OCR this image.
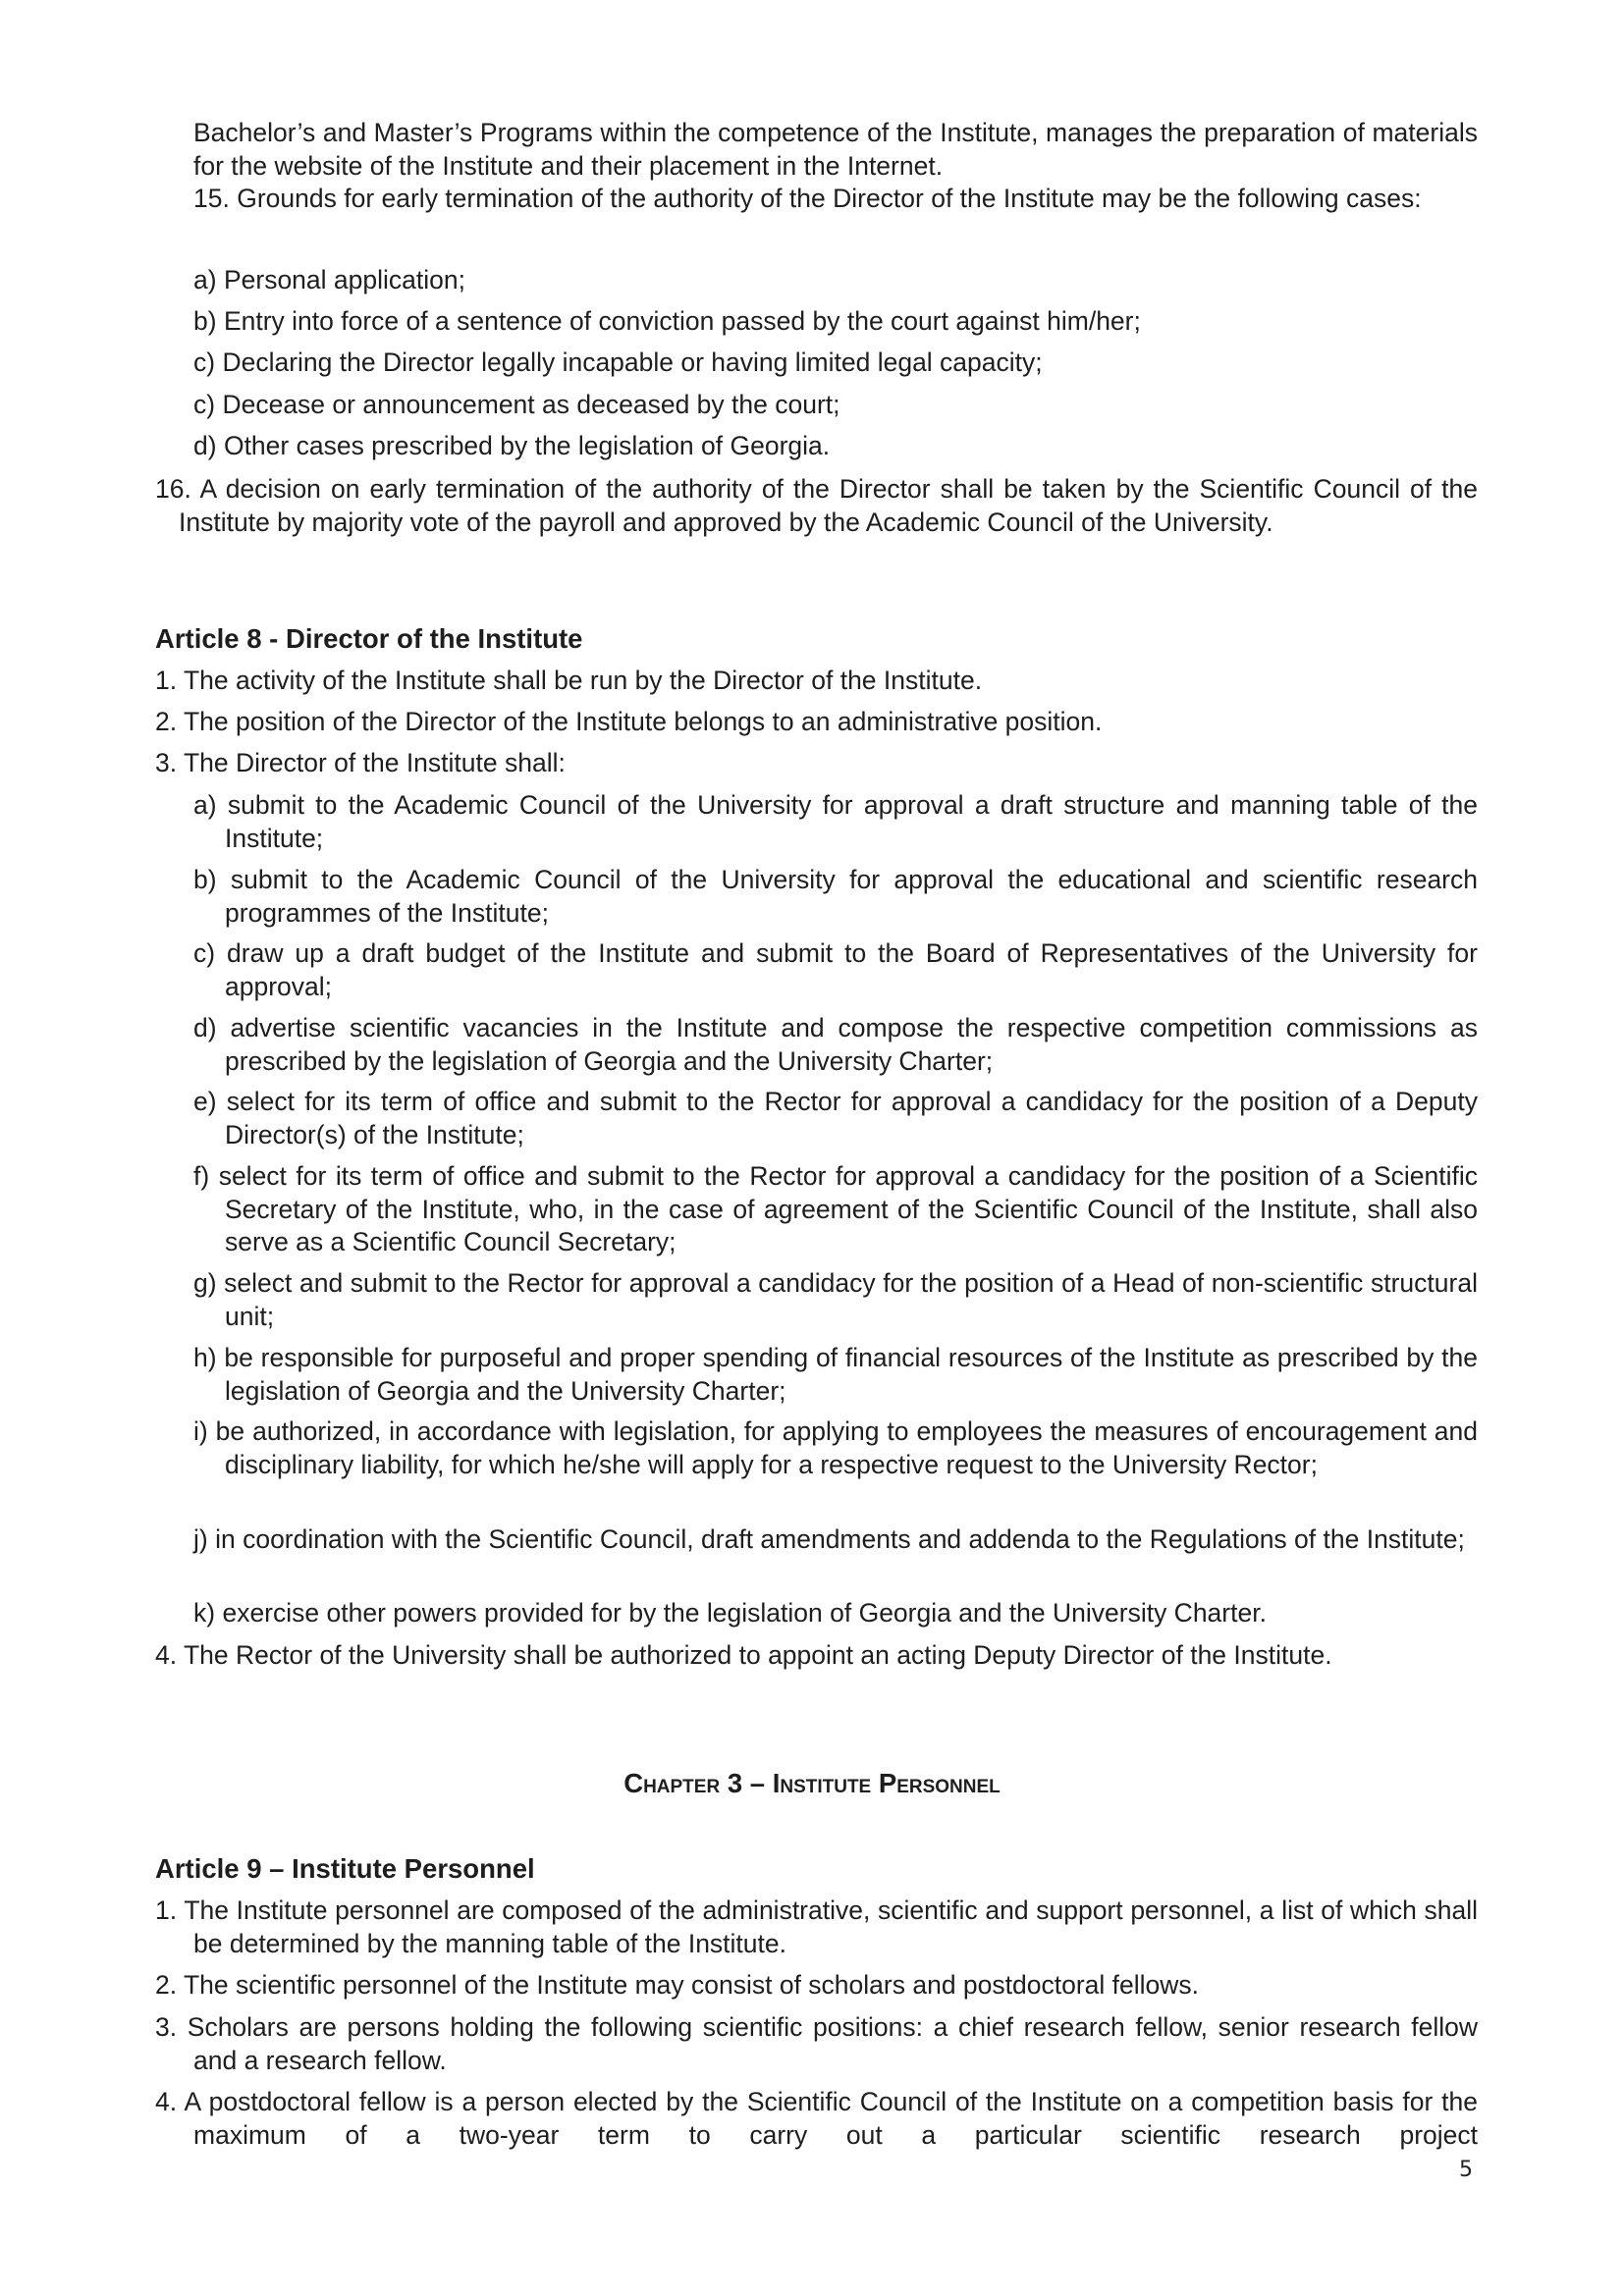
Bachelor’s and Master’s Programs within the competence of the Institute, manages the preparation of materials for the website of the Institute and their placement in the Internet.
15. Grounds for early termination of the authority of the Director of the Institute may be the following cases:
a) Personal application;
b) Entry into force of a sentence of conviction passed by the court against him/her;
c) Declaring the Director legally incapable or having limited legal capacity;
c) Decease or announcement as deceased by the court;
d) Other cases prescribed by the legislation of Georgia.
16. A decision on early termination of the authority of the Director shall be taken by the Scientific Council of the Institute by majority vote of the payroll and approved by the Academic Council of the University.
Article 8 - Director of the Institute
1. The activity of the Institute shall be run by the Director of the Institute.
2. The position of the Director of the Institute belongs to an administrative position.
3. The Director of the Institute shall:
a) submit to the Academic Council of the University for approval a draft structure and manning table of the Institute;
b) submit to the Academic Council of the University for approval the educational and scientific research programmes of the Institute;
c) draw up a draft budget of the Institute and submit to the Board of Representatives of the University for approval;
d) advertise scientific vacancies in the Institute and compose the respective competition commissions as prescribed by the legislation of Georgia and the University Charter;
e) select for its term of office and submit to the Rector for approval a candidacy for the position of a Deputy Director(s) of the Institute;
f) select for its term of office and submit to the Rector for approval a candidacy for the position of a Scientific Secretary of the Institute, who, in the case of agreement of the Scientific Council of the Institute, shall also serve as a Scientific Council Secretary;
g) select and submit to the Rector for approval a candidacy for the position of a Head of non-scientific structural unit;
h) be responsible for purposeful and proper spending of financial resources of the Institute as prescribed by the legislation of Georgia and the University Charter;
i) be authorized, in accordance with legislation, for applying to employees the measures of encouragement and disciplinary liability, for which he/she will apply for a respective request to the University Rector;
j) in coordination with the Scientific Council, draft amendments and addenda to the Regulations of the Institute;
k) exercise other powers provided for by the legislation of Georgia and the University Charter.
4. The Rector of the University shall be authorized to appoint an acting Deputy Director of the Institute.
Chapter 3 – Institute Personnel
Article 9 – Institute Personnel
1. The Institute personnel are composed of the administrative, scientific and support personnel, a list of which shall be determined by the manning table of the Institute.
2. The scientific personnel of the Institute may consist of scholars and postdoctoral fellows.
3. Scholars are persons holding the following scientific positions: a chief research fellow, senior research fellow and a research fellow.
4. A postdoctoral fellow is a person elected by the Scientific Council of the Institute on a competition basis for the maximum of a two-year term to carry out a particular scientific research project
5
